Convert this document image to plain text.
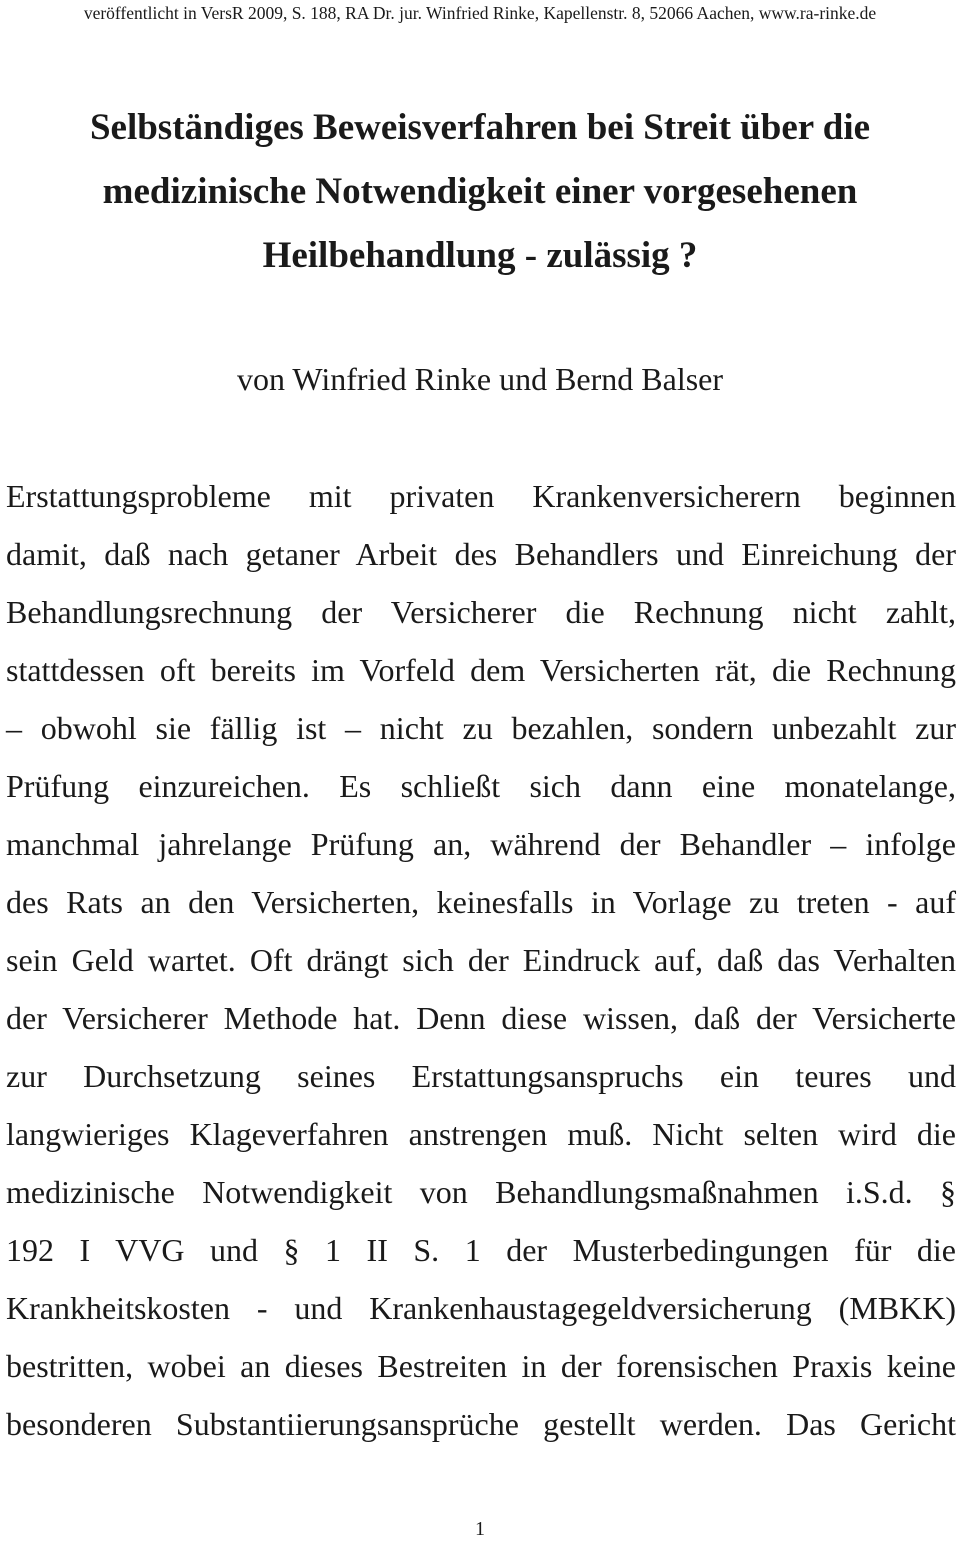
veröffentlicht in VersR 2009, S. 188, RA Dr. jur. Winfried Rinke, Kapellenstr. 8, 52066 Aachen, www.ra-rinke.de
Selbständiges Beweisverfahren bei Streit über die
medizinische Notwendigkeit einer vorgesehenen
Heilbehandlung - zulässig ?
von Winfried Rinke und Bernd Balser
Erstattungsprobleme mit privaten Krankenversicherern beginnen
damit, daß nach getaner Arbeit des Behandlers und Einreichung der
Behandlungsrechnung der Versicherer die Rechnung nicht zahlt,
stattdessen oft bereits im Vorfeld dem Versicherten rät, die Rechnung
– obwohl sie fällig ist – nicht zu bezahlen, sondern unbezahlt zur
Prüfung einzureichen. Es schließt sich dann eine monatelange,
manchmal jahrelange Prüfung an, während der Behandler – infolge
des Rats an den Versicherten, keinesfalls in Vorlage zu treten - auf
sein Geld wartet. Oft drängt sich der Eindruck auf, daß das Verhalten
der Versicherer Methode hat. Denn diese wissen, daß der Versicherte
zur Durchsetzung seines Erstattungsanspruchs ein teures und
langwieriges Klageverfahren anstrengen muß. Nicht selten wird die
medizinische Notwendigkeit von Behandlungsmaßnahmen i.S.d. §
192 I VVG und § 1 II S. 1 der Musterbedingungen für die
Krankheitskosten - und Krankenhaustagegeldversicherung (MBKK)
bestritten, wobei an dieses Bestreiten in der forensischen Praxis keine
besonderen Substantiierungsansprüche gestellt werden. Das Gericht
1
